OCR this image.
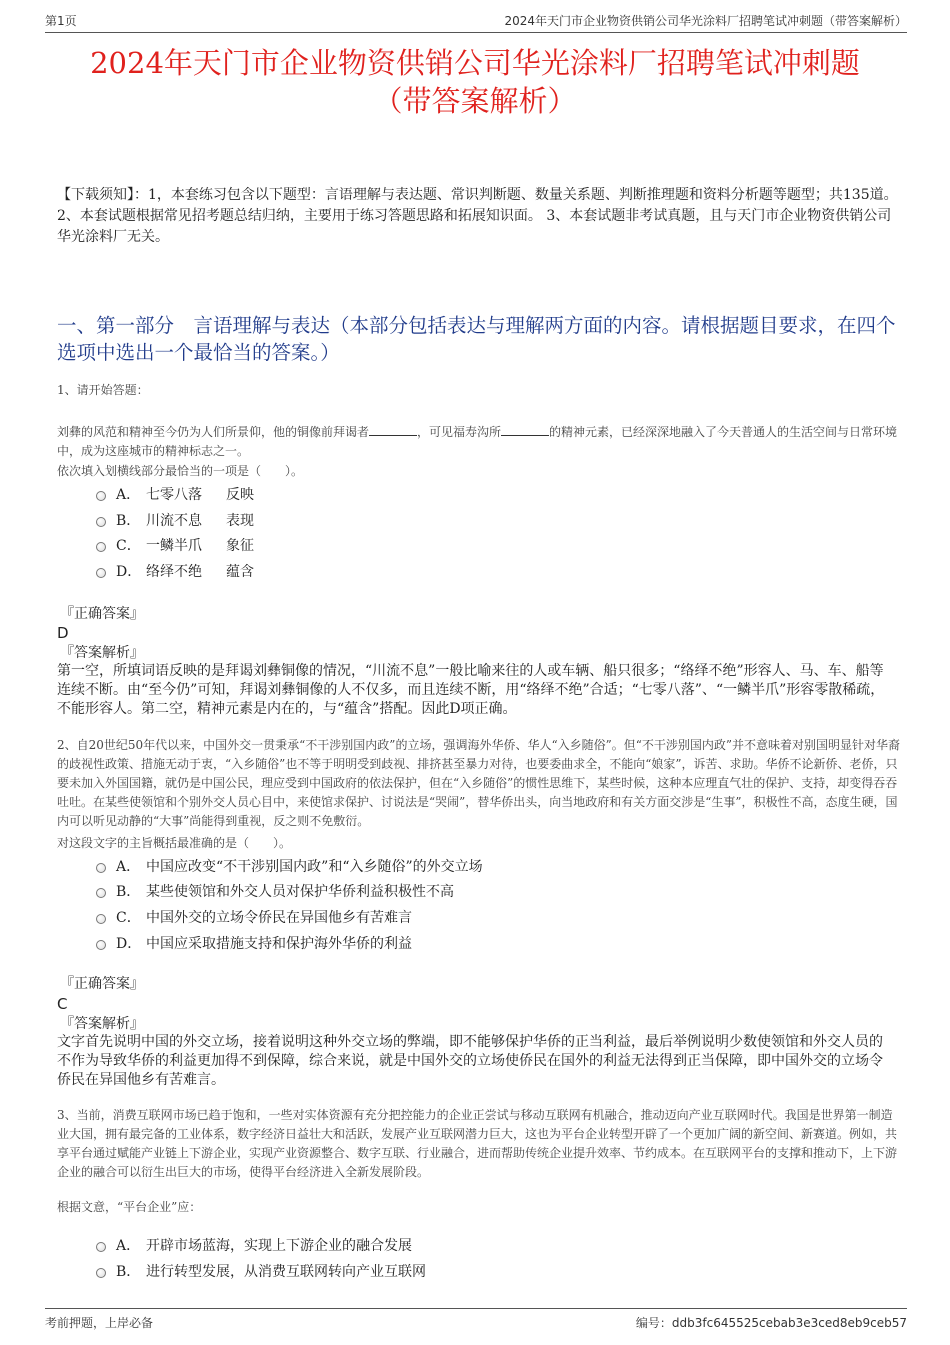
第1页	2024年天门市企业物资供销公司华光涂料厂招聘笔试冲刺题（带答案解析）
2024年天门市企业物资供销公司华光涂料厂招聘笔试冲刺题
（带答案解析）
【下载须知】：1，本套练习包含以下题型：言语理解与表达题、常识判断题、数量关系题、判断推理题和资料分析题等题型；共135道。 2、本套试题根据常见招考题总结归纳，主要用于练习答题思路和拓展知识面。 3、本套试题非考试真题，且与天门市企业物资供销公司华光涂料厂无关。
一、第一部分　言语理解与表达（本部分包括表达与理解两方面的内容。请根据题目要求，在四个选项中选出一个最恰当的答案。）
1、请开始答题：
刘彝的风范和精神至今仍为人们所景仰，他的铜像前拜谒者	，可见福寿沟所	的精神元素，已经深深地融入了今天普通人的生活空间与日常环境中，成为这座城市的精神标志之一。
依次填入划横线部分最恰当的一项是（　　）。
A． 七零八落 反映
B． 川流不息 表现
C． 一鳞半爪 象征
D． 络绎不绝 蕴含
『正确答案』
D
『答案解析』
第一空，所填词语反映的是拜谒刘彝铜像的情况，“川流不息”一般比喻来往的人或车辆、船只很多；“络绎不绝”形容人、马、车、船等连续不断。由“至今仍”可知，拜谒刘彝铜像的人不仅多，而且连续不断，用“络绎不绝”合适；“七零八落”、“一鳞半爪”形容零散稀疏，不能形容人。第二空，精神元素是内在的，与“蕴含”搭配。因此D项正确。
2、自20世纪50年代以来，中国外交一贯秉承“不干涉别国内政”的立场，强调海外华侨、华人“入乡随俗”。但“不干涉别国内政”并不意味着对别国明显针对华裔的歧视性政策、措施无动于衷，“入乡随俗”也不等于明明受到歧视、排挤甚至暴力对待，也要委曲求全，不能向“娘家”，诉苦、求助。华侨不论新侨、老侨，只要未加入外国国籍，就仍是中国公民，理应受到中国政府的依法保护，但在“入乡随俗”的惯性思维下，某些时候，这种本应理直气壮的保护、支持，却变得吞吞吐吐。在某些使领馆和个别外交人员心目中，来使馆求保护、讨说法是“哭闹”，替华侨出头，向当地政府和有关方面交涉是“生事”，积极性不高，态度生硬，国内可以听见动静的“大事”尚能得到重视，反之则不免敷衍。
对这段文字的主旨概括最准确的是（　　）。
A． 中国应改变“不干涉别国内政”和“入乡随俗”的外交立场
B． 某些使领馆和外交人员对保护华侨利益积极性不高
C． 中国外交的立场令侨民在异国他乡有苦难言
D． 中国应采取措施支持和保护海外华侨的利益
『正确答案』
C
『答案解析』
文字首先说明中国的外交立场，接着说明这种外交立场的弊端，即不能够保护华侨的正当利益，最后举例说明少数使领馆和外交人员的不作为导致华侨的利益更加得不到保障，综合来说，就是中国外交的立场使侨民在国外的利益无法得到正当保障，即中国外交的立场令侨民在异国他乡有苦难言。
3、当前，消费互联网市场已趋于饱和，一些对实体资源有充分把控能力的企业正尝试与移动互联网有机融合，推动迈向产业互联网时代。我国是世界第一制造业大国，拥有最完备的工业体系，数字经济日益壮大和活跃，发展产业互联网潜力巨大，这也为平台企业转型开辟了一个更加广阔的新空间、新赛道。例如，共享平台通过赋能产业链上下游企业，实现产业资源整合、数字互联、行业融合，进而帮助传统企业提升效率、节约成本。在互联网平台的支撑和推动下，上下游企业的融合可以衍生出巨大的市场，使得平台经济进入全新发展阶段。
根据文意，“平台企业”应：
A． 开辟市场蓝海，实现上下游企业的融合发展
B． 进行转型发展，从消费互联网转向产业互联网
考前押题，上岸必备	编号：ddb3fc645525cebab3e3ced8eb9ceb57
